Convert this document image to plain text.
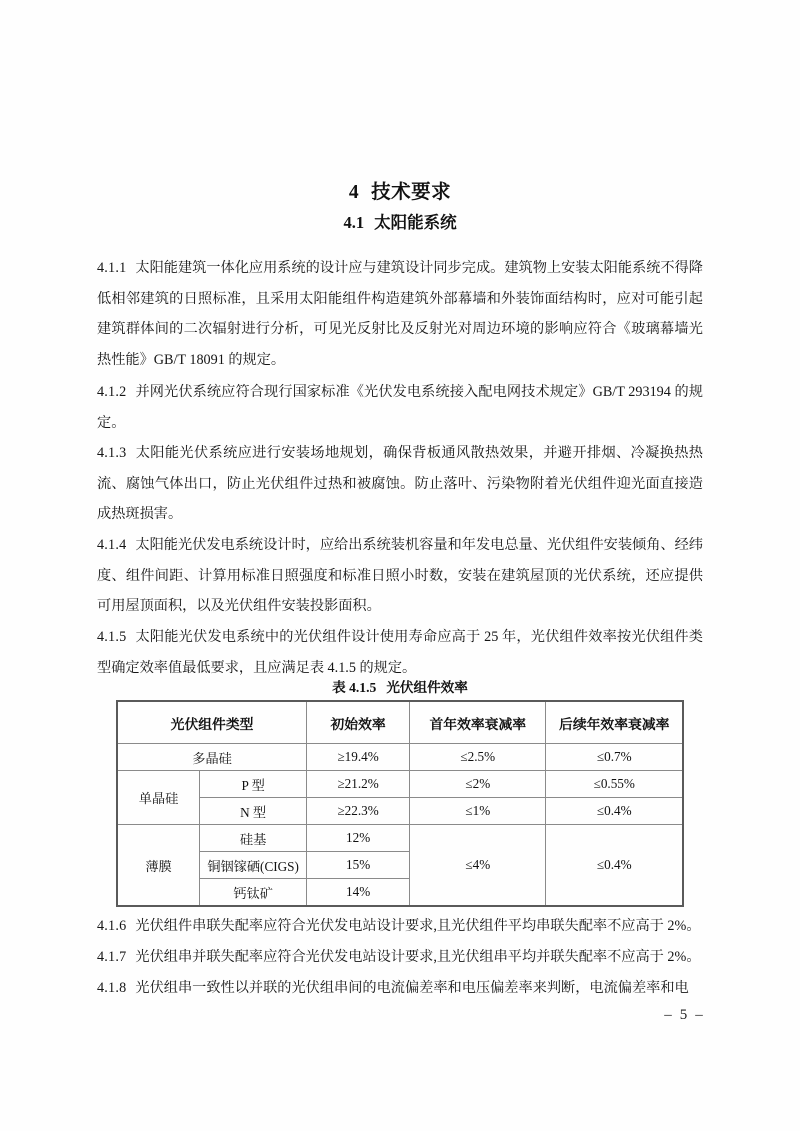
4 技术要求
4.1 太阳能系统

4.1.1 太阳能建筑一体化应用系统的设计应与建筑设计同步完成。建筑物上安装太阳能系统不得降低相邻建筑的日照标准，且采用太阳能组件构造建筑外部幕墙和外装饰面结构时，应对可能引起建筑群体间的二次辐射进行分析，可见光反射比及反射光对周边环境的影响应符合《玻璃幕墙光热性能》GB/T 18091 的规定。

4.1.2 并网光伏系统应符合现行国家标准《光伏发电系统接入配电网技术规定》GB/T 293194 的规定。

4.1.3 太阳能光伏系统应进行安装场地规划，确保背板通风散热效果，并避开排烟、冷凝换热热流、腐蚀气体出口，防止光伏组件过热和被腐蚀。防止落叶、污染物附着光伏组件迎光面直接造成热斑损害。

4.1.4 太阳能光伏发电系统设计时，应给出系统装机容量和年发电总量、光伏组件安装倾角、经纬度、组件间距、计算用标准日照强度和标准日照小时数，安装在建筑屋顶的光伏系统，还应提供可用屋顶面积，以及光伏组件安装投影面积。

4.1.5 太阳能光伏发电系统中的光伏组件设计使用寿命应高于 25 年，光伏组件效率按光伏组件类型确定效率值最低要求，且应满足表 4.1.5 的规定。

表 4.1.5 光伏组件效率
光伏组件类型		初始效率	首年效率衰减率	后续年效率衰减率
多晶硅		≥19.4%	≤2.5%	≤0.7%
单晶硅	P 型	≥21.2%	≤2%	≤0.55%
	N 型	≥22.3%	≤1%	≤0.4%
薄膜	硅基	12%	≤4%	≤0.4%
	铜铟镓硒(CIGS)	15%		
	钙钛矿	14%		

4.1.6 光伏组件串联失配率应符合光伏发电站设计要求,且光伏组件平均串联失配率不应高于 2%。

4.1.7 光伏组串并联失配率应符合光伏发电站设计要求,且光伏组串平均并联失配率不应高于 2%。

4.1.8 光伏组串一致性以并联的光伏组串间的电流偏差率和电压偏差率来判断，电流偏差率和电

– 5 –
